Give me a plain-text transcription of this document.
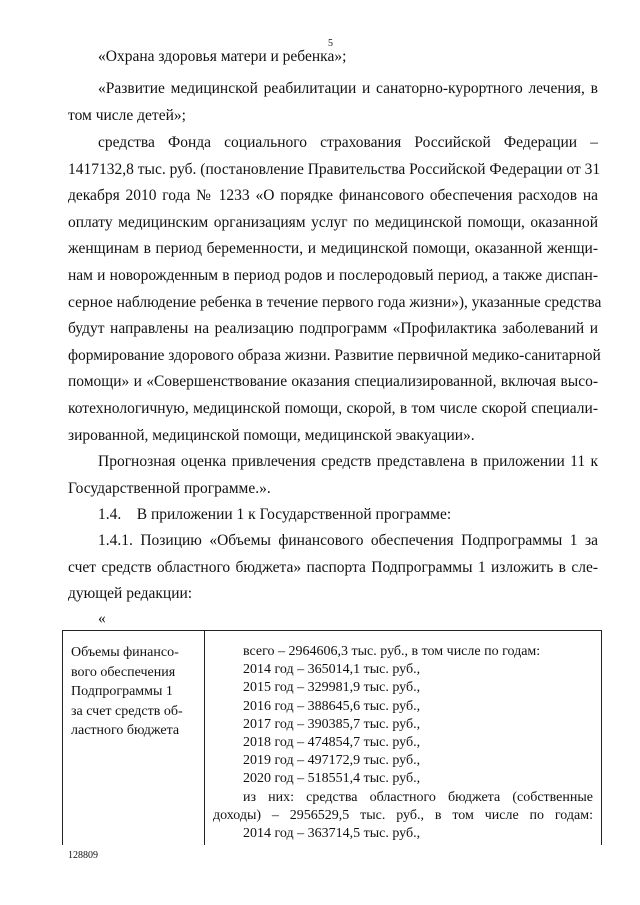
5
«Охрана здоровья матери и ребенка»;
«Развитие медицинской реабилитации и санаторно-курортного лечения, в
том числе детей»;
средства Фонда социального страхования Российской Федерации –
1417132,8 тыс. руб. (постановление Правительства Российской Федерации от 31
декабря 2010 года № 1233 «О порядке финансового обеспечения расходов на
оплату медицинским организациям услуг по медицинской помощи, оказанной
женщинам в период беременности, и медицинской помощи, оказанной женщи-
нам и новорожденным в период родов и послеродовый период, а также диспан-
серное наблюдение ребенка в течение первого года жизни»), указанные средства
будут направлены на реализацию подпрограмм «Профилактика заболеваний и
формирование здорового образа жизни. Развитие первичной медико-санитарной
помощи» и «Совершенствование оказания специализированной, включая высо-
котехнологичную, медицинской помощи, скорой, в том числе скорой специали-
зированной, медицинской помощи, медицинской эвакуации».
Прогнозная оценка привлечения средств представлена в приложении 11 к
Государственной программе.».
1.4.    В приложении 1 к Государственной программе:
1.4.1. Позицию «Объемы финансового обеспечения Подпрограммы 1 за
счет средств областного бюджета» паспорта Подпрограммы 1 изложить в сле-
дующей редакции:
«
Объемы финансо-
вого обеспечения
Подпрограммы 1
за счет средств об-
ластного бюджета
всего – 2964606,3 тыс. руб., в том числе по годам:
2014 год – 365014,1 тыс. руб.,
2015 год – 329981,9 тыс. руб.,
2016 год – 388645,6 тыс. руб.,
2017 год – 390385,7 тыс. руб.,
2018 год – 474854,7 тыс. руб.,
2019 год – 497172,9 тыс. руб.,
2020 год – 518551,4 тыс. руб.,
из них: средства областного бюджета (собственные
доходы) – 2956529,5 тыс. руб., в том числе по годам:
2014 год – 363714,5 тыс. руб.,
128809
